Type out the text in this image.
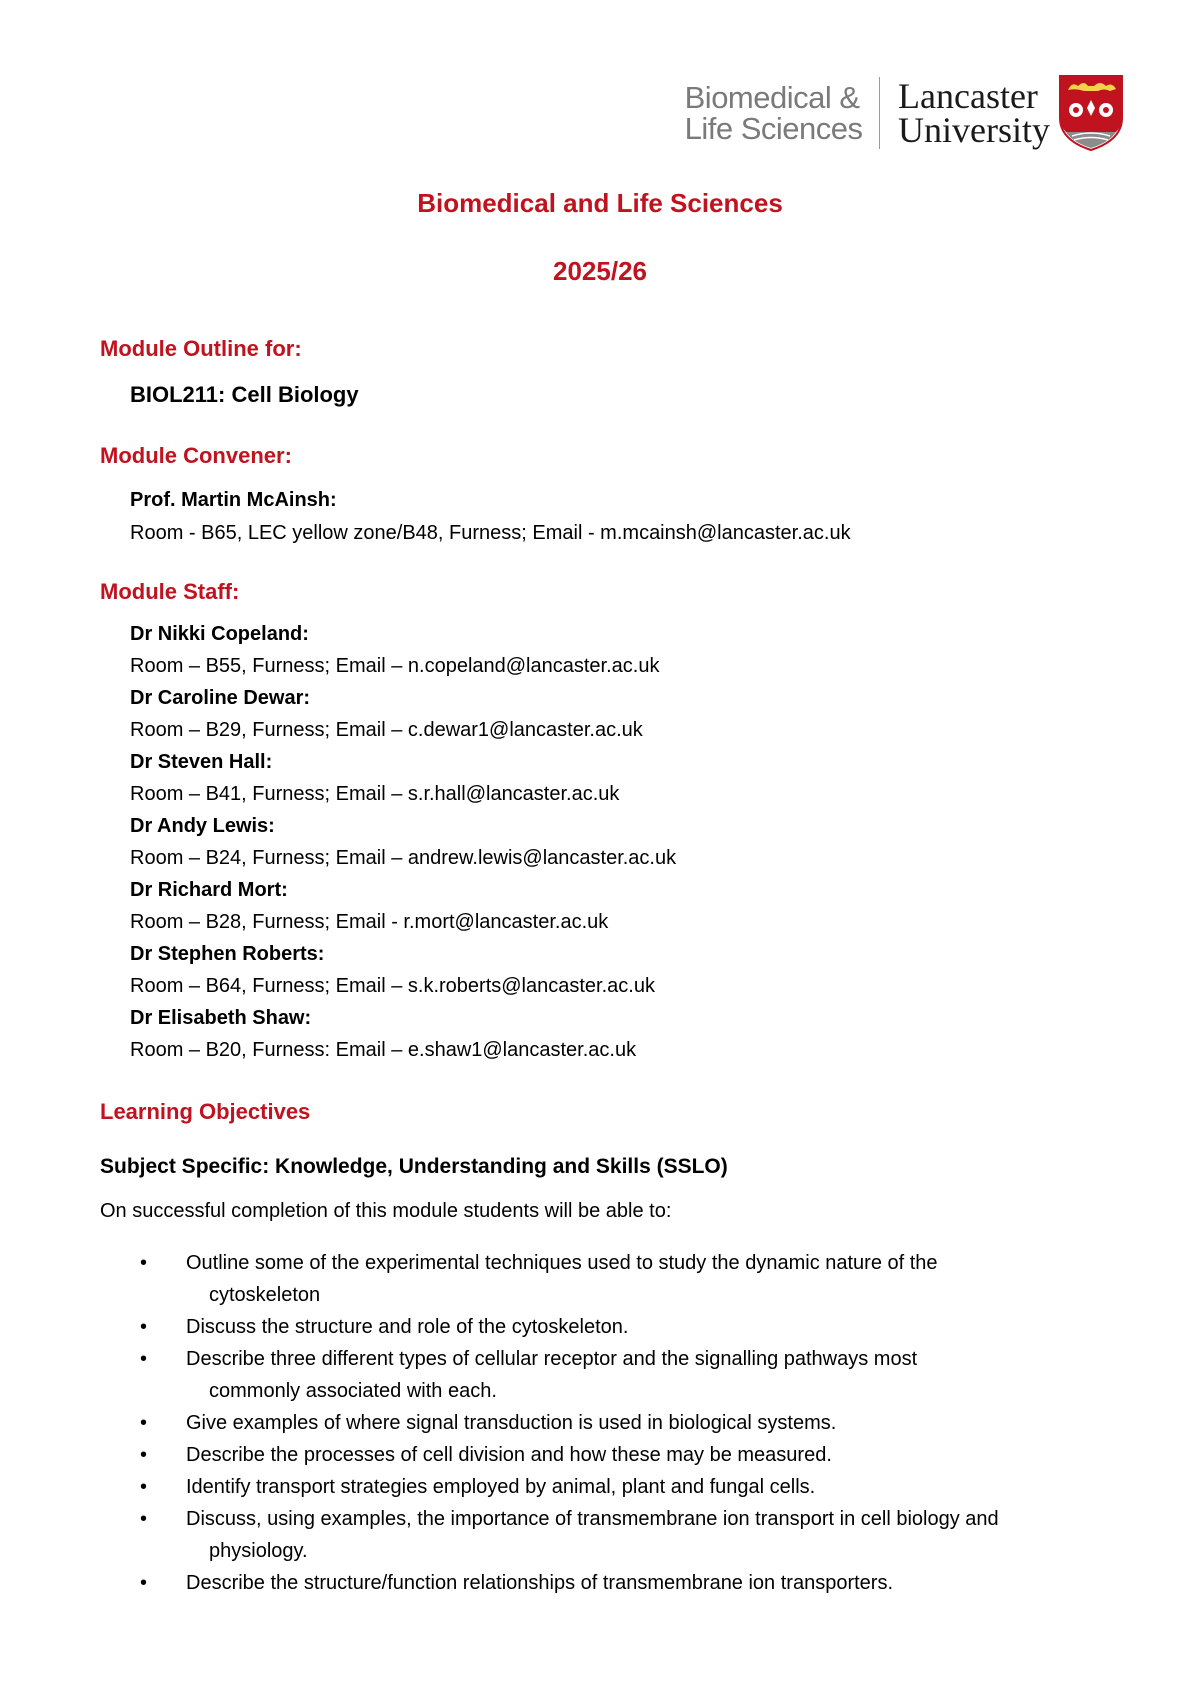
Biomedical &
Life Sciences
Lancaster
University
Biomedical and Life Sciences
2025/26
Module Outline for:
BIOL211: Cell Biology
Module Convener:
Prof. Martin McAinsh:
Room - B65, LEC yellow zone/B48, Furness; Email - m.mcainsh@lancaster.ac.uk
Module Staff:
Dr Nikki Copeland:
Room – B55, Furness; Email – n.copeland@lancaster.ac.uk
Dr Caroline Dewar:
Room – B29, Furness; Email – c.dewar1@lancaster.ac.uk
Dr Steven Hall:
Room – B41, Furness; Email – s.r.hall@lancaster.ac.uk
Dr Andy Lewis:
Room – B24, Furness; Email – andrew.lewis@lancaster.ac.uk
Dr Richard Mort:
Room – B28, Furness; Email - r.mort@lancaster.ac.uk
Dr Stephen Roberts:
Room – B64, Furness; Email – s.k.roberts@lancaster.ac.uk
Dr Elisabeth Shaw:
Room – B20, Furness: Email – e.shaw1@lancaster.ac.uk
Learning Objectives
Subject Specific: Knowledge, Understanding and Skills (SSLO)
On successful completion of this module students will be able to:
• Outline some of the experimental techniques used to study the dynamic nature of the
cytoskeleton
• Discuss the structure and role of the cytoskeleton.
• Describe three different types of cellular receptor and the signalling pathways most
commonly associated with each.
• Give examples of where signal transduction is used in biological systems.
• Describe the processes of cell division and how these may be measured.
• Identify transport strategies employed by animal, plant and fungal cells.
• Discuss, using examples, the importance of transmembrane ion transport in cell biology and
physiology.
• Describe the structure/function relationships of transmembrane ion transporters.
